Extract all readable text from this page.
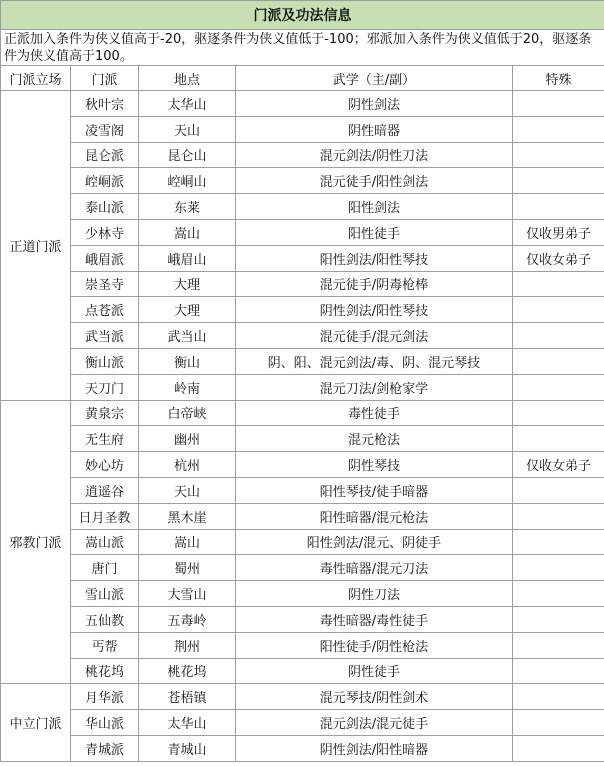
门派及功法信息				
正派加入条件为侠义值高于-20，驱逐条件为侠义值低于-100；邪派加入条件为侠义值低于20，驱逐条件为侠义值高于100。				
门派立场	门派	地点	武学（主/副）	特殊
正道门派	秋叶宗	太华山	阴性剑法	
	凌雪阁	天山	阴性暗器	
	昆仑派	昆仑山	混元剑法/阴性刀法	
	崆峒派	崆峒山	混元徒手/阳性剑法	
	泰山派	东莱	阳性剑法	
	少林寺	嵩山	阳性徒手	仅收男弟子
	峨眉派	峨眉山	阳性剑法/阳性琴技	仅收女弟子
	崇圣寺	大理	混元徒手/阴毒枪棒	
	点苍派	大理	阴性剑法/阳性琴技	
	武当派	武当山	混元徒手/混元剑法	
	衡山派	衡山	阴、阳、混元剑法/毒、阴、混元琴技	
	天刀门	岭南	混元刀法/剑枪家学	
邪教门派	黄泉宗	白帝峡	毒性徒手	
	无生府	幽州	混元枪法	
	妙心坊	杭州	阴性琴技	仅收女弟子
	逍遥谷	天山	阳性琴技/徒手暗器	
	日月圣教	黑木崖	阳性暗器/混元枪法	
	嵩山派	嵩山	阳性剑法/混元、阴徒手	
	唐门	蜀州	毒性暗器/混元刀法	
	雪山派	大雪山	阴性刀法	
	五仙教	五毒岭	毒性暗器/毒性徒手	
	丐帮	荆州	阳性徒手/阴性枪法	
	桃花坞	桃花坞	阴性徒手	
中立门派	月华派	苍梧镇	混元琴技/阴性剑术	
	华山派	太华山	混元剑法/混元徒手	
	青城派	青城山	阴性剑法/阳性暗器	
